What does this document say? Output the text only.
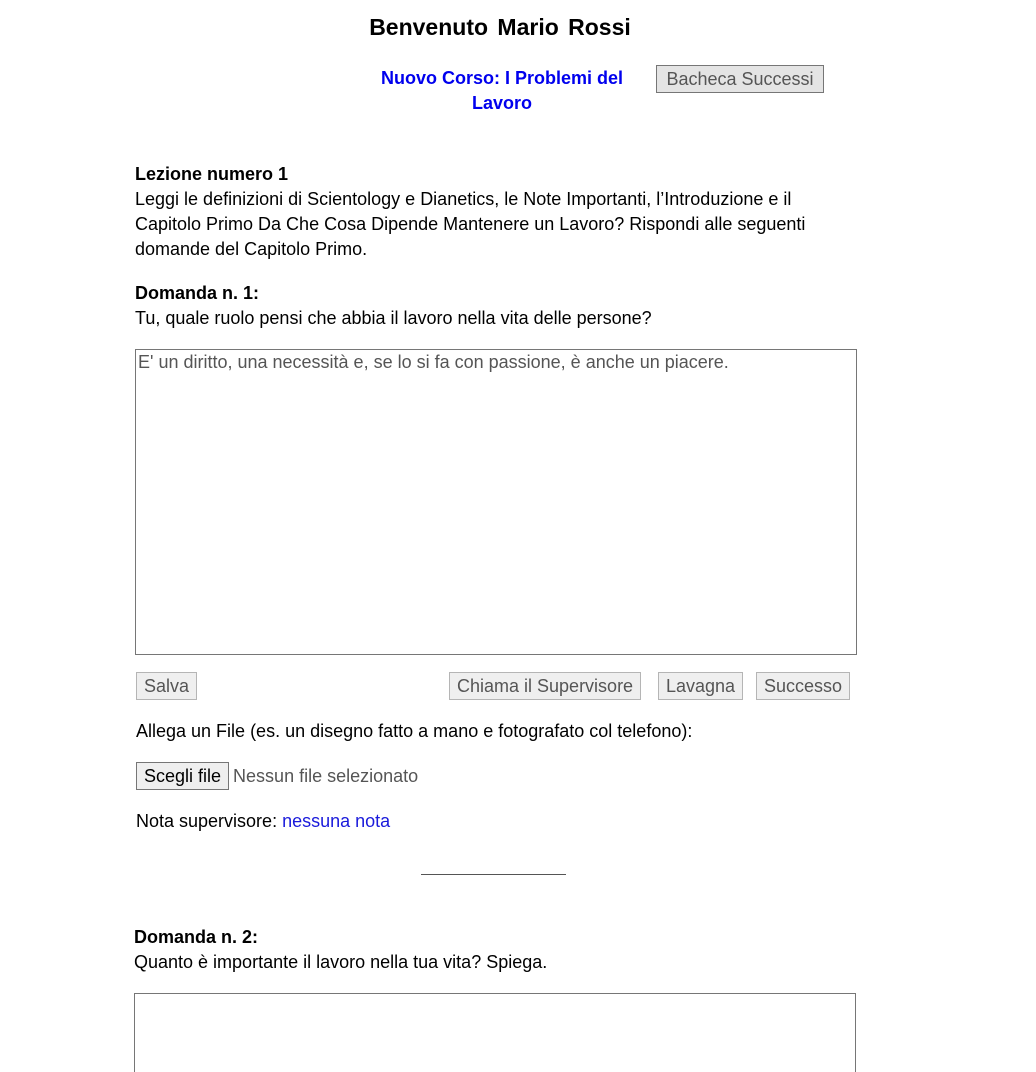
Benvenuto Mario Rossi
Nuovo Corso: I Problemi del Lavoro
Bacheca Successi
Lezione numero 1
Leggi le definizioni di Scientology e Dianetics, le Note Importanti, l’Introduzione e il Capitolo Primo Da Che Cosa Dipende Mantenere un Lavoro? Rispondi alle seguenti domande del Capitolo Primo.
Domanda n. 1:
Tu, quale ruolo pensi che abbia il lavoro nella vita delle persone?
E' un diritto, una necessità e, se lo si fa con passione, è anche un piacere.
Salva	Chiama il Supervisore	Lavagna	Successo
Allega un File (es. un disegno fatto a mano e fotografato col telefono):
Scegli file Nessun file selezionato
Nota supervisore: nessuna nota
Domanda n. 2:
Quanto è importante il lavoro nella tua vita? Spiega.
